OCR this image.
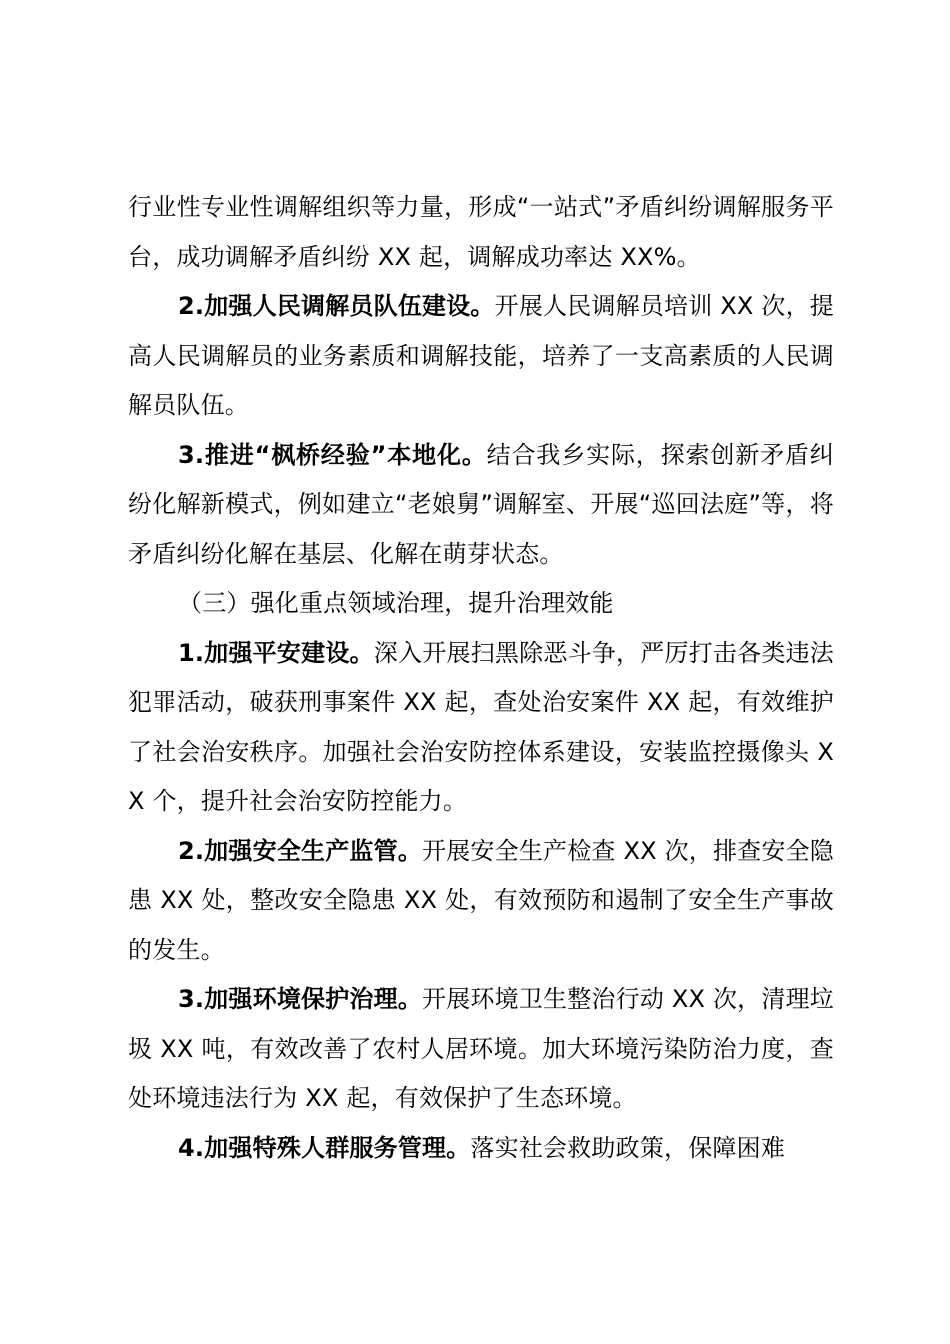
行业性专业性调解组织等力量，形成“一站式”矛盾纠纷调解服务平台，成功调解矛盾纠纷 XX 起，调解成功率达 XX%。

2.加强人民调解员队伍建设。开展人民调解员培训 XX 次，提高人民调解员的业务素质和调解技能，培养了一支高素质的人民调解员队伍。

3.推进“枫桥经验”本地化。结合我乡实际，探索创新矛盾纠纷化解新模式，例如建立“老娘舅”调解室、开展“巡回法庭”等，将矛盾纠纷化解在基层、化解在萌芽状态。

（三）强化重点领域治理，提升治理效能

1.加强平安建设。深入开展扫黑除恶斗争，严厉打击各类违法犯罪活动，破获刑事案件 XX 起，查处治安案件 XX 起，有效维护了社会治安秩序。加强社会治安防控体系建设，安装监控摄像头 XX 个，提升社会治安防控能力。

2.加强安全生产监管。开展安全生产检查 XX 次，排查安全隐患 XX 处，整改安全隐患 XX 处，有效预防和遏制了安全生产事故的发生。

3.加强环境保护治理。开展环境卫生整治行动 XX 次，清理垃圾 XX 吨，有效改善了农村人居环境。加大环境污染防治力度，查处环境违法行为 XX 起，有效保护了生态环境。

4.加强特殊人群服务管理。落实社会救助政策，保障困难
